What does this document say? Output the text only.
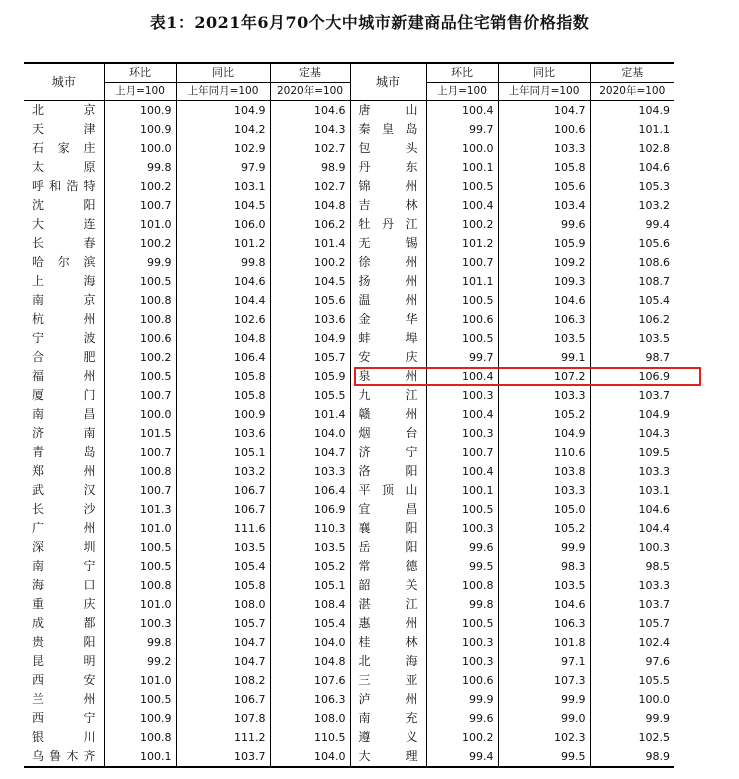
表1：2021年6月70个大中城市新建商品住宅销售价格指数
城市	环比	同比	定基	城市	环比	同比	定基
	上月=100	上年同月=100	2020年=100		上月=100	上年同月=100	2020年=100
北　京	100.9	104.9	104.6	唐　山	100.4	104.7	104.9
天　津	100.9	104.2	104.3	秦皇岛	99.7	100.6	101.1
石家庄	100.0	102.9	102.7	包　头	100.0	103.3	102.8
太　原	99.8	97.9	98.9	丹　东	100.1	105.8	104.6
呼和浩特	100.2	103.1	102.7	锦　州	100.5	105.6	105.3
沈　阳	100.7	104.5	104.8	吉　林	100.4	103.4	103.2
大　连	101.0	106.0	106.2	牡丹江	100.2	99.6	99.4
长　春	100.2	101.2	101.4	无　锡	101.2	105.9	105.6
哈尔滨	99.9	99.8	100.2	徐　州	100.7	109.2	108.6
上　海	100.5	104.6	104.5	扬　州	101.1	109.3	108.7
南　京	100.8	104.4	105.6	温　州	100.5	104.6	105.4
杭　州	100.8	102.6	103.6	金　华	100.6	106.3	106.2
宁　波	100.6	104.8	104.9	蚌　埠	100.5	103.5	103.5
合　肥	100.2	106.4	105.7	安　庆	99.7	99.1	98.7
福　州	100.5	105.8	105.9	泉　州	100.4	107.2	106.9
厦　门	100.7	105.8	105.5	九　江	100.3	103.3	103.7
南　昌	100.0	100.9	101.4	赣　州	100.4	105.2	104.9
济　南	101.5	103.6	104.0	烟　台	100.3	104.9	104.3
青　岛	100.7	105.1	104.7	济　宁	100.7	110.6	109.5
郑　州	100.8	103.2	103.3	洛　阳	100.4	103.8	103.3
武　汉	100.7	106.7	106.4	平顶山	100.1	103.3	103.1
长　沙	101.3	106.7	106.9	宜　昌	100.5	105.0	104.6
广　州	101.0	111.6	110.3	襄　阳	100.3	105.2	104.4
深　圳	100.5	103.5	103.5	岳　阳	99.6	99.9	100.3
南　宁	100.5	105.4	105.2	常　德	99.5	98.3	98.5
海　口	100.8	105.8	105.1	韶　关	100.8	103.5	103.3
重　庆	101.0	108.0	108.4	湛　江	99.8	104.6	103.7
成　都	100.3	105.7	105.4	惠　州	100.5	106.3	105.7
贵　阳	99.8	104.7	104.0	桂　林	100.3	101.8	102.4
昆　明	99.2	104.7	104.8	北　海	100.3	97.1	97.6
西　安	101.0	108.2	107.6	三　亚	100.6	107.3	105.5
兰　州	100.5	106.7	106.3	泸　州	99.9	99.9	100.0
西　宁	100.9	107.8	108.0	南　充	99.6	99.0	99.9
银　川	100.8	111.2	110.5	遵　义	100.2	102.3	102.5
乌鲁木齐	100.1	103.7	104.0	大　理	99.4	99.5	98.9
